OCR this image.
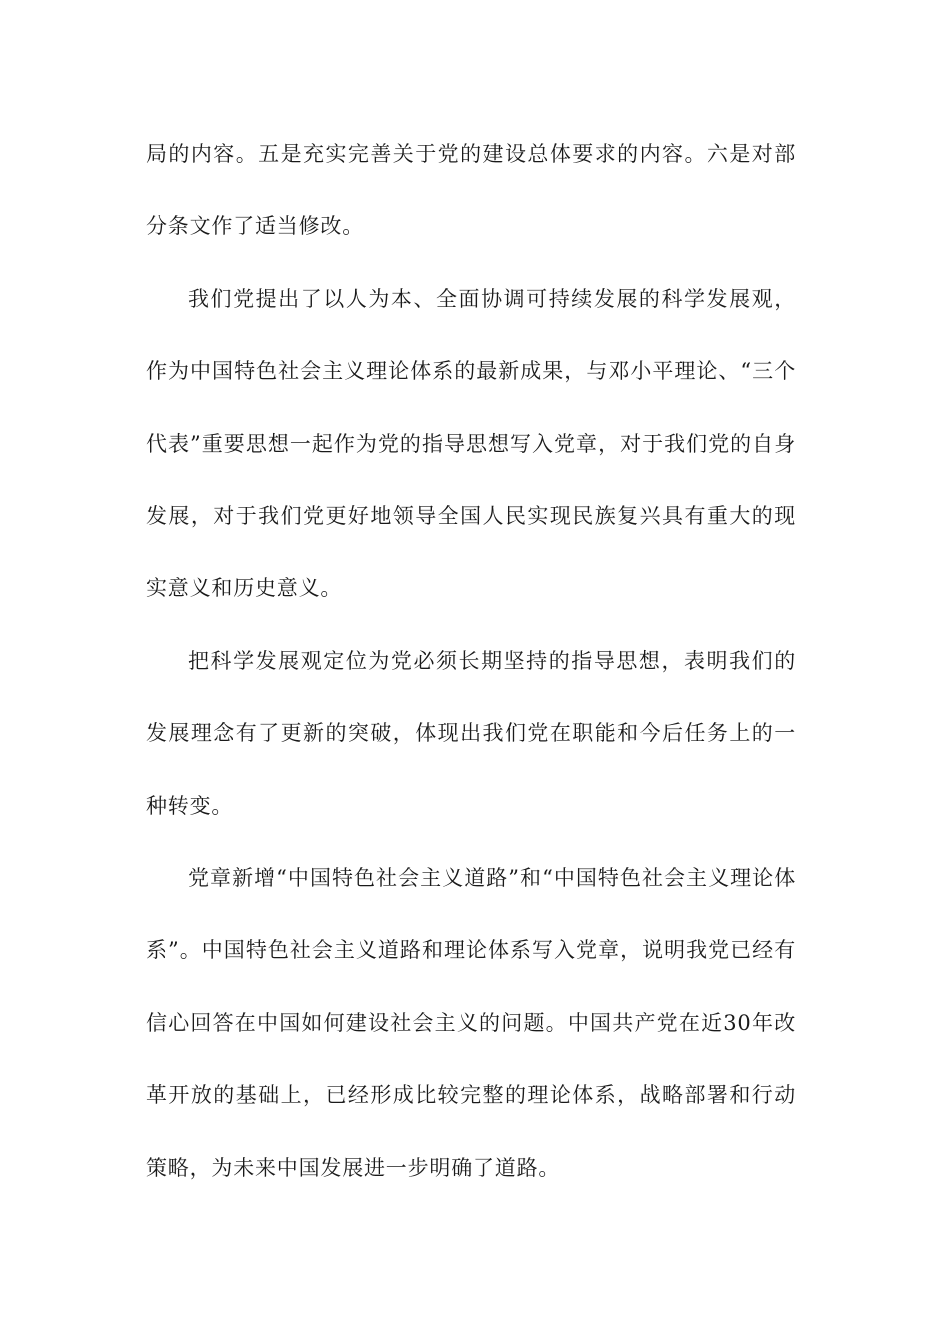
局的内容。五是充实完善关于党的建设总体要求的内容。六是对部分条文作了适当修改。

我们党提出了以人为本、全面协调可持续发展的科学发展观，作为中国特色社会主义理论体系的最新成果，与邓小平理论、“三个代表”重要思想一起作为党的指导思想写入党章，对于我们党的自身发展，对于我们党更好地领导全国人民实现民族复兴具有重大的现实意义和历史意义。

把科学发展观定位为党必须长期坚持的指导思想，表明我们的发展理念有了更新的突破，体现出我们党在职能和今后任务上的一种转变。

党章新增“中国特色社会主义道路”和“中国特色社会主义理论体系”。中国特色社会主义道路和理论体系写入党章，说明我党已经有信心回答在中国如何建设社会主义的问题。中国共产党在近30年改革开放的基础上，已经形成比较完整的理论体系，战略部署和行动策略，为未来中国发展进一步明确了道路。
